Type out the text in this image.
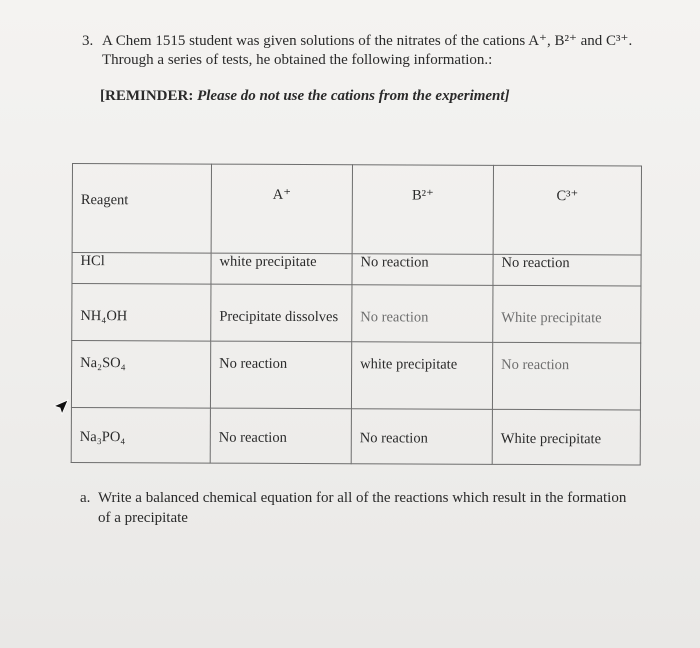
3. A Chem 1515 student was given solutions of the nitrates of the cations A⁺, B²⁺ and C³⁺.
Through a series of tests, he obtained the following information.:
[REMINDER: Please do not use the cations from the experiment]
Reagent	A⁺	B²⁺	C³⁺
HCl	white precipitate	No reaction	No reaction

NH₄OH	Precipitate dissolves	No reaction	White precipitate

Na₂SO₄	No reaction	white precipitate	No reaction

Na₃PO₄	No reaction	No reaction	White precipitate
a. Write a balanced chemical equation for all of the reactions which result in the formation of a precipitate
